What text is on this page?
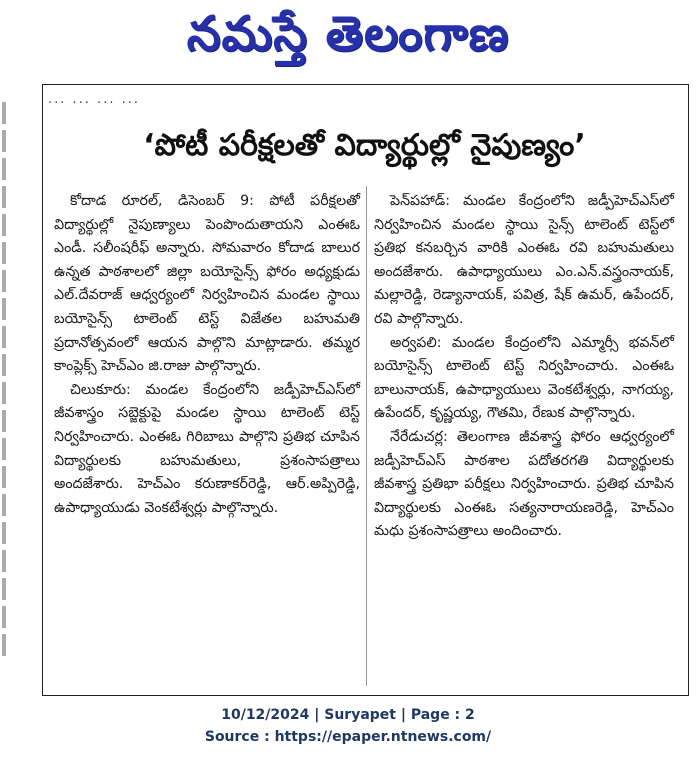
నమస్తే తెలంగాణ
... ... ... ...
‘పోటీ పరీక్షలతో విద్యార్థుల్లో నైపుణ్యం’

కోదాడ రూరల్, డిసెంబర్ 9: పోటీ పరీక్షలతో విద్యార్థుల్లో నైపుణ్యాలు పెంపొందుతాయని ఎంఈఓ ఎండీ. సలీంషరీఫ్ అన్నారు. సోమవారం కోదాడ బాలుర ఉన్నత పాఠశాలలో జిల్లా బయోసైన్స్ ఫోరం అధ్యక్షుడు ఎల్.దేవరాజ్ ఆధ్వర్యంలో నిర్వహించిన మండల స్థాయి బయోసైన్స్ టాలెంట్ టెస్ట్ విజేతల బహుమతి ప్రదానోత్సవంలో ఆయన పాల్గొని మాట్లాడారు. తమ్మర కాంప్లెక్స్ హెచ్ఎం జి.రాజు పాల్గొన్నారు.

చిలుకూరు: మండల కేంద్రంలోని జడ్పీహెచ్ఎస్‌లో జీవశాస్త్రం సబ్జెక్టుపై మండల స్థాయి టాలెంట్ టెస్ట్ నిర్వహించారు. ఎంఈఓ గిరిబాబు పాల్గొని ప్రతిభ చూపిన విద్యార్థులకు బహుమతులు, ప్రశంసాపత్రాలు అందజేశారు. హెచ్ఎం కరుణాకర్‌రెడ్డి, ఆర్.అప్పిరెడ్డి, ఉపాధ్యాయుడు వెంకటేశ్వర్లు పాల్గొన్నారు.

పెన్‌పహాడ్: మండల కేంద్రంలోని జడ్పీహెచ్ఎస్‌లో నిర్వహించిన మండల స్థాయి సైన్స్ టాలెంట్ టెస్ట్‌లో ప్రతిభ కనబర్చిన వారికి ఎంఈఓ రవి బహుమతులు అందజేశారు. ఉపాధ్యాయులు ఎం.ఎన్.వస్త్రంనాయక్, మల్లారెడ్డి, రెడ్యానాయక్, పవిత్ర, షేక్ ఉమర్, ఉపేందర్, రవి పాల్గొన్నారు.

అర్వపలి: మండల కేంద్రంలోని ఎమ్మార్సీ భవన్‌లో బయోసైన్స్ టాలెంట్ టెస్ట్ నిర్వహించారు. ఎంఈఓ బాలునాయక్, ఉపాధ్యాయులు వెంకటేశ్వర్లు, నాగయ్య, ఉపేందర్, కృష్ణయ్య, గౌతమి, రేణుక పాల్గొన్నారు.

నేరేడుచర్ల: తెలంగాణ జీవశాస్త్ర ఫోరం ఆధ్వర్యంలో జడ్పీహెచ్ఎస్ పాఠశాల పదోతరగతి విద్యార్థులకు జీవశాస్త్ర ప్రతిభా పరీక్షలు నిర్వహించారు. ప్రతిభ చూపిన విద్యార్థులకు ఎంఈఓ సత్యనారాయణరెడ్డి, హెచ్ఎం మధు ప్రశంసాపత్రాలు అందించారు.

10/12/2024 | Suryapet | Page : 2
Source : https://epaper.ntnews.com/
